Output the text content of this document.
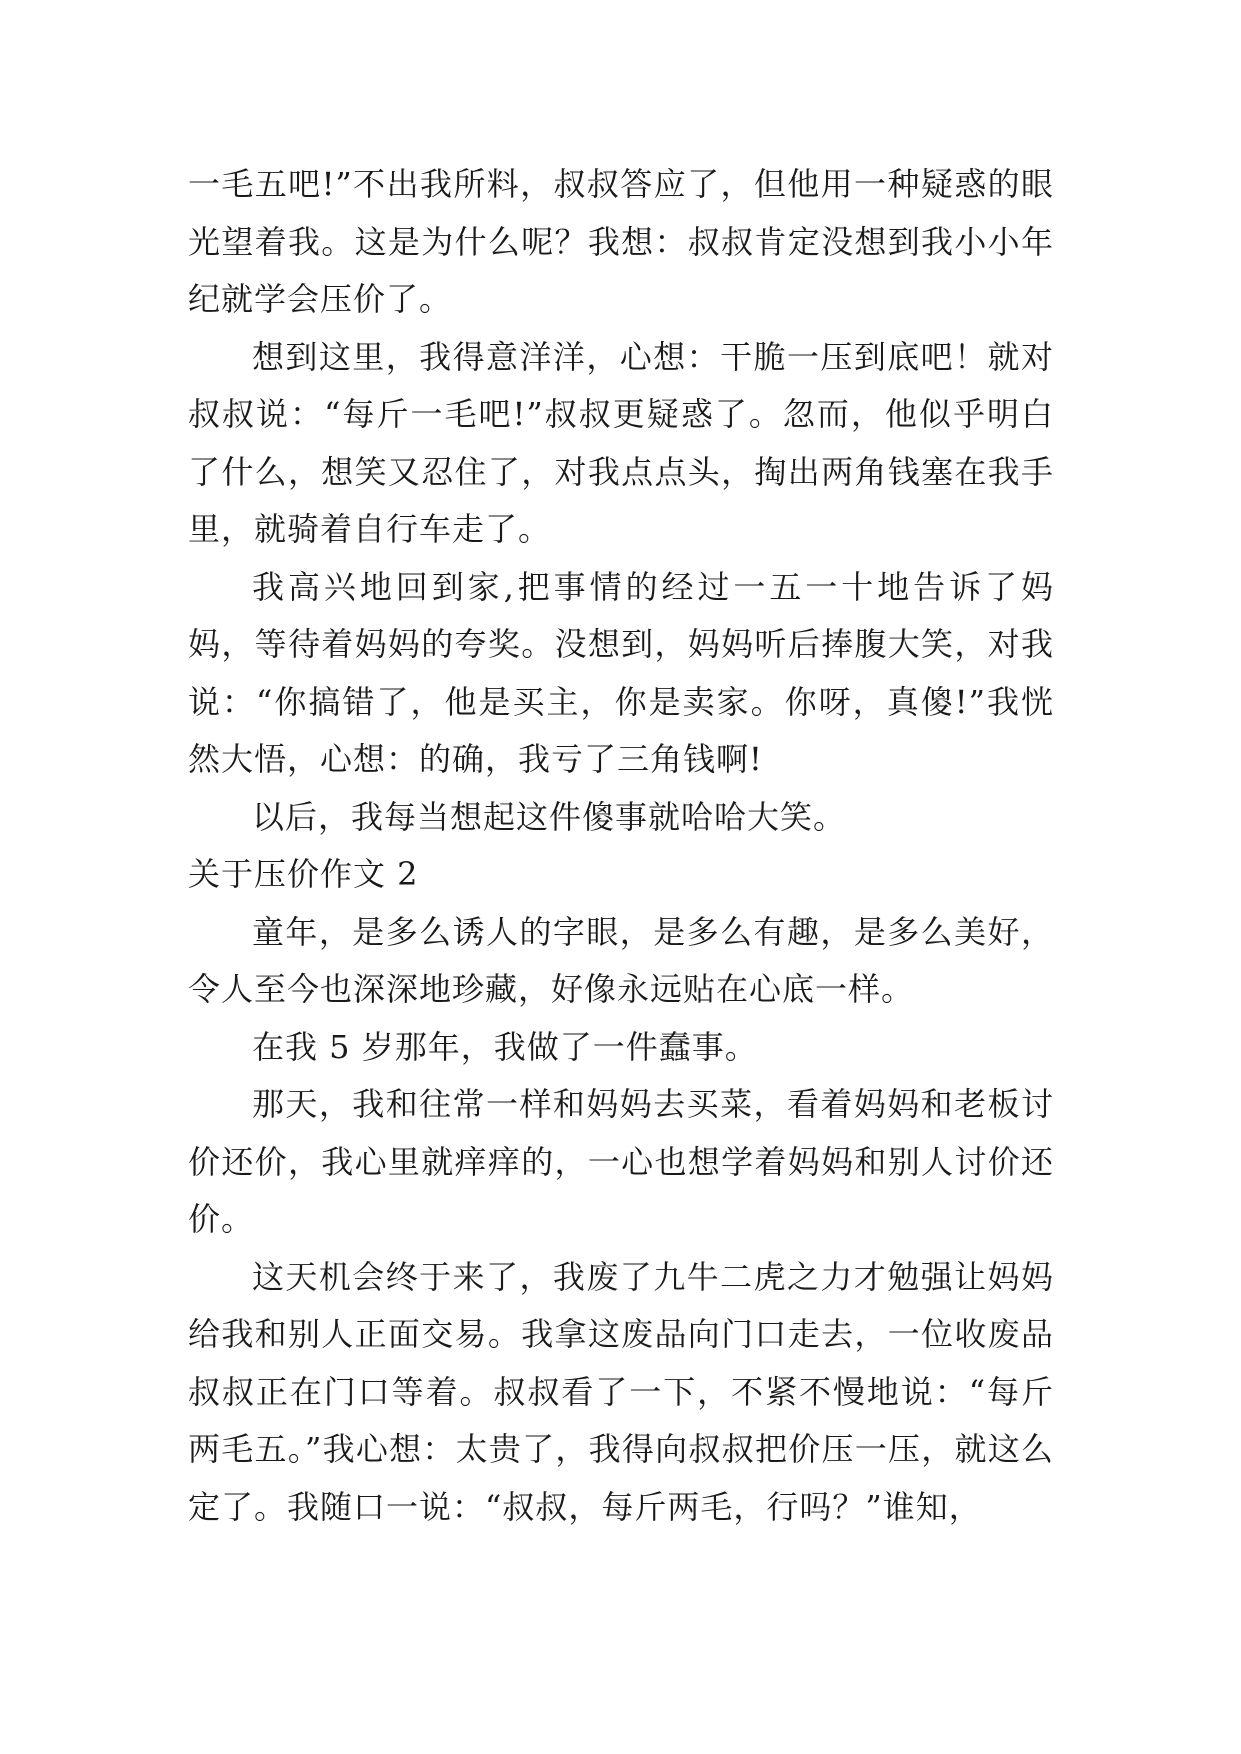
一毛五吧!”不出我所料，叔叔答应了，但他用一种疑惑的眼光望着我。这是为什么呢？我想：叔叔肯定没想到我小小年纪就学会压价了。

想到这里，我得意洋洋，心想：干脆一压到底吧！就对叔叔说：“每斤一毛吧!”叔叔更疑惑了。忽而，他似乎明白了什么，想笑又忍住了，对我点点头，掏出两角钱塞在我手里，就骑着自行车走了。

我高兴地回到家,把事情的经过一五一十地告诉了妈妈，等待着妈妈的夸奖。没想到，妈妈听后捧腹大笑，对我说：“你搞错了，他是买主，你是卖家。你呀，真傻!”我恍然大悟，心想：的确，我亏了三角钱啊!

以后，我每当想起这件傻事就哈哈大笑。

关于压价作文 2

童年，是多么诱人的字眼，是多么有趣，是多么美好，令人至今也深深地珍藏，好像永远贴在心底一样。

在我 5 岁那年，我做了一件蠢事。

那天，我和往常一样和妈妈去买菜，看着妈妈和老板讨价还价，我心里就痒痒的，一心也想学着妈妈和别人讨价还价。

这天机会终于来了，我废了九牛二虎之力才勉强让妈妈给我和别人正面交易。我拿这废品向门口走去，一位收废品叔叔正在门口等着。叔叔看了一下，不紧不慢地说：“每斤两毛五。”我心想：太贵了，我得向叔叔把价压一压，就这么定了。我随口一说：“叔叔，每斤两毛，行吗？”谁知，
